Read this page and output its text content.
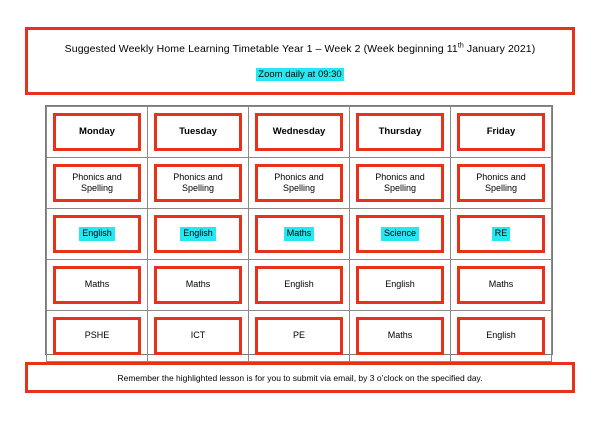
Suggested Weekly Home Learning Timetable Year 1 – Week 2 (Week beginning 11th January 2021)
Zoom daily at 09:30
Monday	Tuesday	Wednesday	Thursday	Friday

Phonics and Spelling	Phonics and Spelling	Phonics and Spelling	Phonics and Spelling	Phonics and Spelling

English	English	Maths	Science	RE

Maths	Maths	English	English	Maths

PSHE	ICT	PE	Maths	English
Remember the highlighted lesson is for you to submit via email, by 3 o’clock on the specified day.
